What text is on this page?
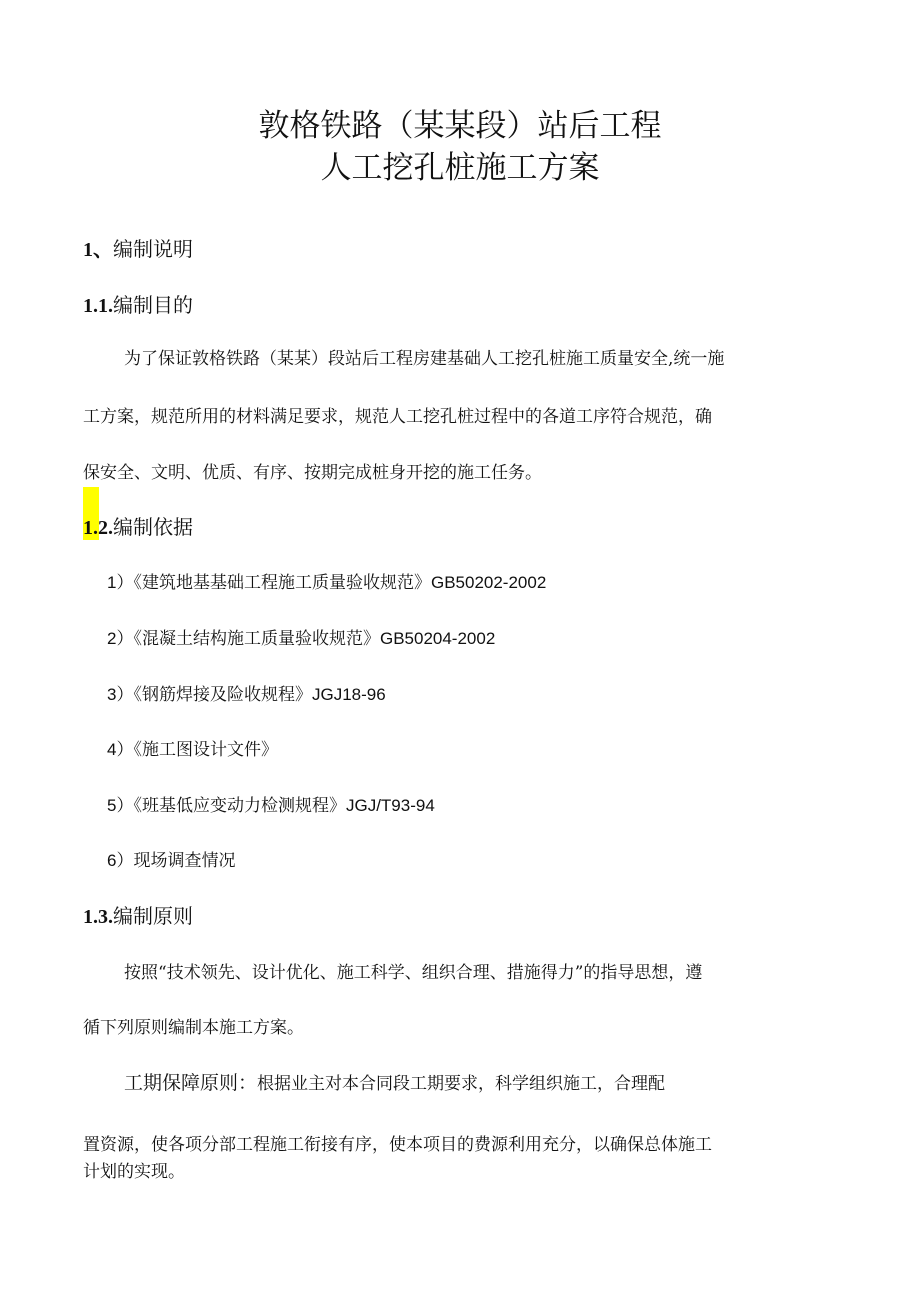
敦格铁路（某某段）站后工程
人工挖孔桩施工方案
1、编制说明
1.1.编制目的
为了保证敦格铁路（某某）段站后工程房建基础人工挖孔桩施工质量安全,统一施
工方案，规范所用的材料满足要求，规范人工挖孔桩过程中的各道工序符合规范，确
保安全、文明、优质、有序、按期完成桩身开挖的施工任务。
1.2.编制依据
1）《建筑地基基础工程施工质量验收规范》GB50202-2002
2）《混凝土结构施工质量验收规范》GB50204-2002
3）《钢筋焊接及险收规程》JGJ18-96
4）《施工图设计文件》
5）《班基低应变动力检测规程》JGJ/T93-94
6）现场调查情况
1.3.编制原则
按照“技术领先、设计优化、施工科学、组织合理、措施得力”的指导思想，遵
循下列原则编制本施工方案。
工期保障原则：根据业主对本合同段工期要求，科学组织施工，合理配
置资源，使各项分部工程施工衔接有序，使本项目的费源利用充分，以确保总体施工
计划的实现。
